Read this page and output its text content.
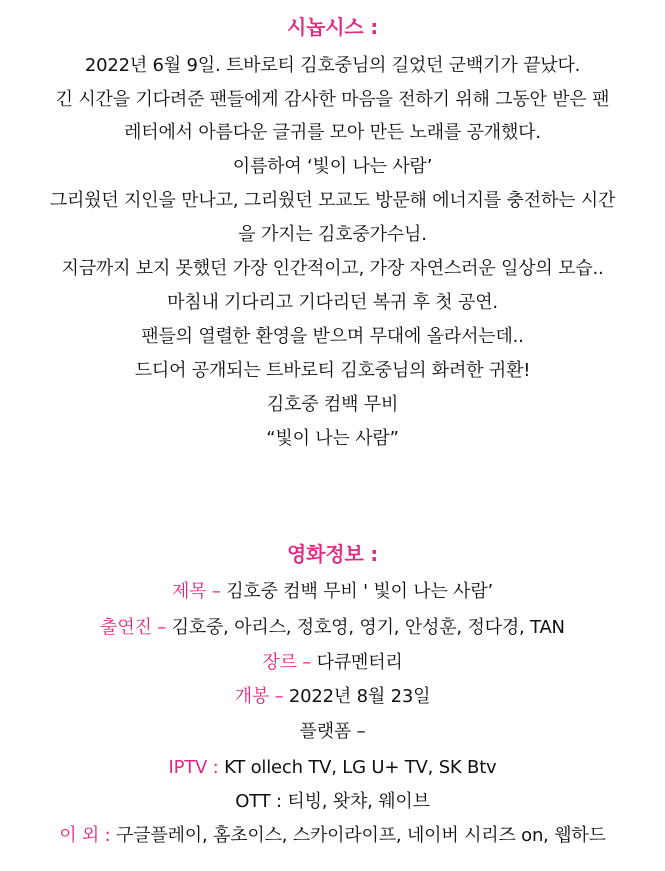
시놉시스 :
2022년 6월 9일. 트바로티 김호중님의 길었던 군백기가 끝났다.
긴 시간을 기다려준 팬들에게 감사한 마음을 전하기 위해 그동안 받은 팬
레터에서 아름다운 글귀를 모아 만든 노래를 공개했다.
이름하여 ‘빛이 나는 사람’
그리웠던 지인을 만나고, 그리웠던 모교도 방문해 에너지를 충전하는 시간
을 가지는 김호중가수님.
지금까지 보지 못했던 가장 인간적이고, 가장 자연스러운 일상의 모습..
마침내 기다리고 기다리던 복귀 후 첫 공연.
팬들의 열렬한 환영을 받으며 무대에 올라서는데..
드디어 공개되는 트바로티 김호중님의 화려한 귀환!
김호중 컴백 무비
“빛이 나는 사람”
영화정보 :
제목 – 김호중 컴백 무비 ' 빛이 나는 사람’
출연진 – 김호중, 아리스, 정호영, 영기, 안성훈, 정다경, TAN
장르 – 다큐멘터리
개봉 – 2022년 8월 23일
플랫폼 –
IPTV : KT ollech TV, LG U+ TV, SK Btv
OTT : 티빙, 왓챠, 웨이브
이 외 : 구글플레이, 홈초이스, 스카이라이프, 네이버 시리즈 on, 웹하드
